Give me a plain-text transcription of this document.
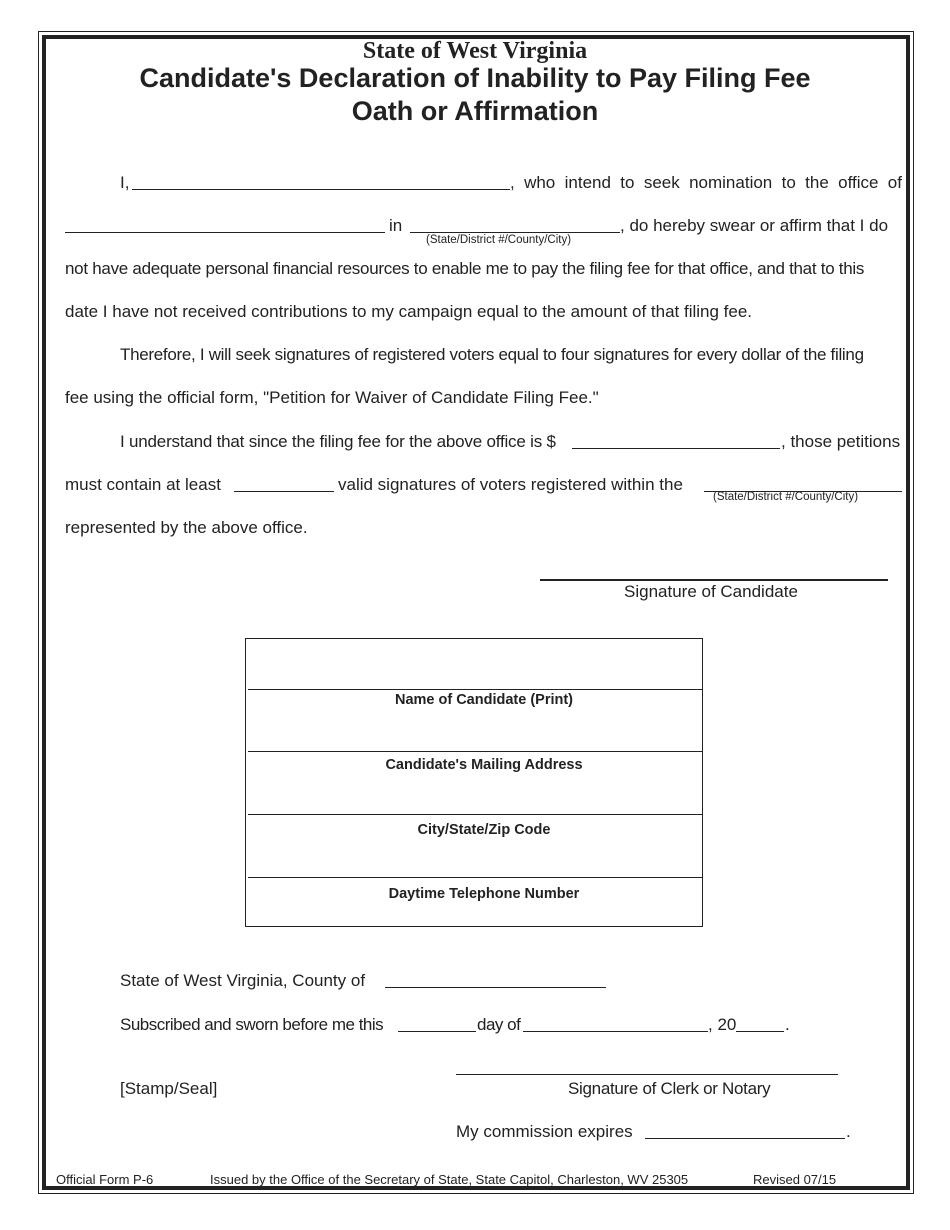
State of West Virginia
Candidate's Declaration of Inability to Pay Filing Fee
Oath or Affirmation
I,	, who intend to seek nomination to the office of
in
(State/District #/County/City)
, do hereby swear or affirm that I do
not have adequate personal financial resources to enable me to pay the filing fee for that office, and that to this
date I have not received contributions to my campaign equal to the amount of that filing fee.
Therefore, I will seek signatures of registered voters equal to four signatures for every dollar of the filing
fee using the official form, "Petition for Waiver of Candidate Filing Fee."
I understand that since the filing fee for the above office is $	, those petitions
must contain at least	valid signatures of voters registered within the
(State/District #/County/City)
represented by the above office.
Signature of Candidate
Name of Candidate (Print)
Candidate's Mailing Address
City/State/Zip Code
Daytime Telephone Number
State of West Virginia, County of
Subscribed and sworn before me this	day of	, 20	.
[Stamp/Seal]	Signature of Clerk or Notary
My commission expires	.
Official Form P-6	Issued by the Office of the Secretary of State, State Capitol, Charleston, WV 25305	Revised 07/15
